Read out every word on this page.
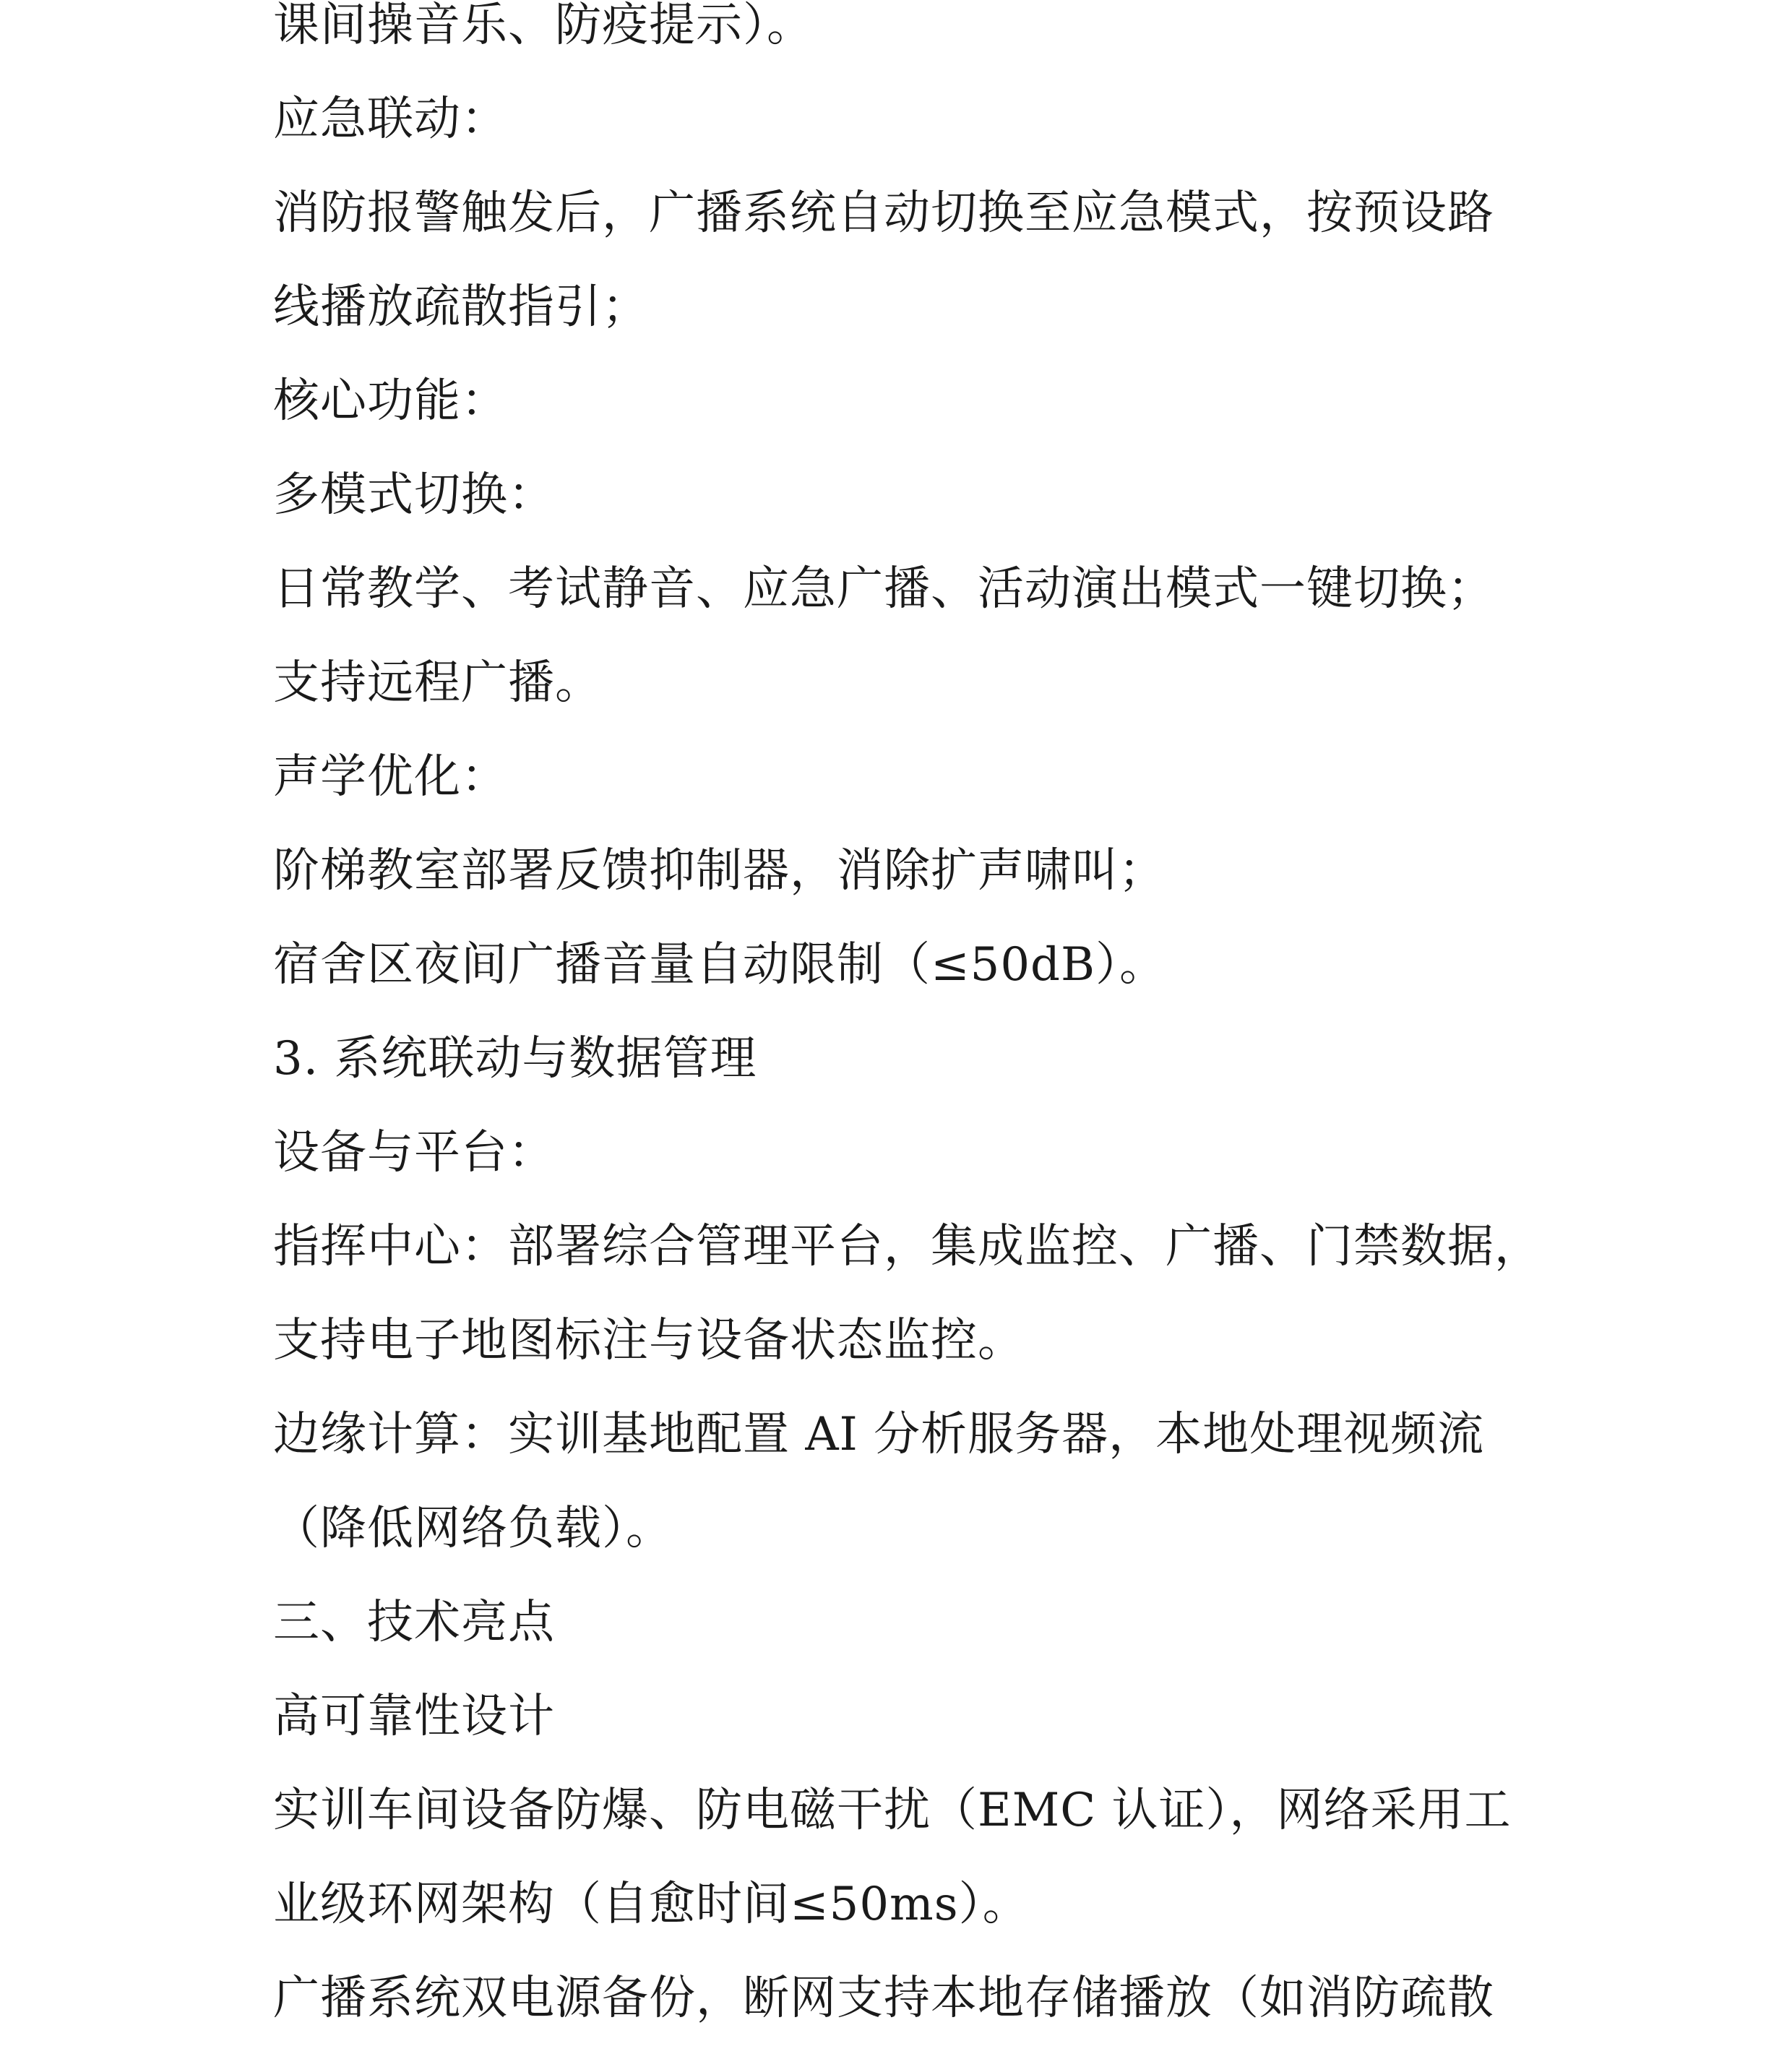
课间操音乐、防疫提示）。
应急联动：
消防报警触发后，广播系统自动切换至应急模式，按预设路
线播放疏散指引；
核心功能：
多模式切换：
日常教学、考试静音、应急广播、活动演出模式一键切换；
支持远程广播。
声学优化：
阶梯教室部署反馈抑制器，消除扩声啸叫；
宿舍区夜间广播音量自动限制（≤50dB）。
3. 系统联动与数据管理
设备与平台：
指挥中心：部署综合管理平台，集成监控、广播、门禁数据，
支持电子地图标注与设备状态监控。
边缘计算：实训基地配置 AI 分析服务器，本地处理视频流
（降低网络负载）。
三、技术亮点
高可靠性设计
实训车间设备防爆、防电磁干扰（EMC 认证），网络采用工
业级环网架构（自愈时间≤50ms）。
广播系统双电源备份，断网支持本地存储播放（如消防疏散
